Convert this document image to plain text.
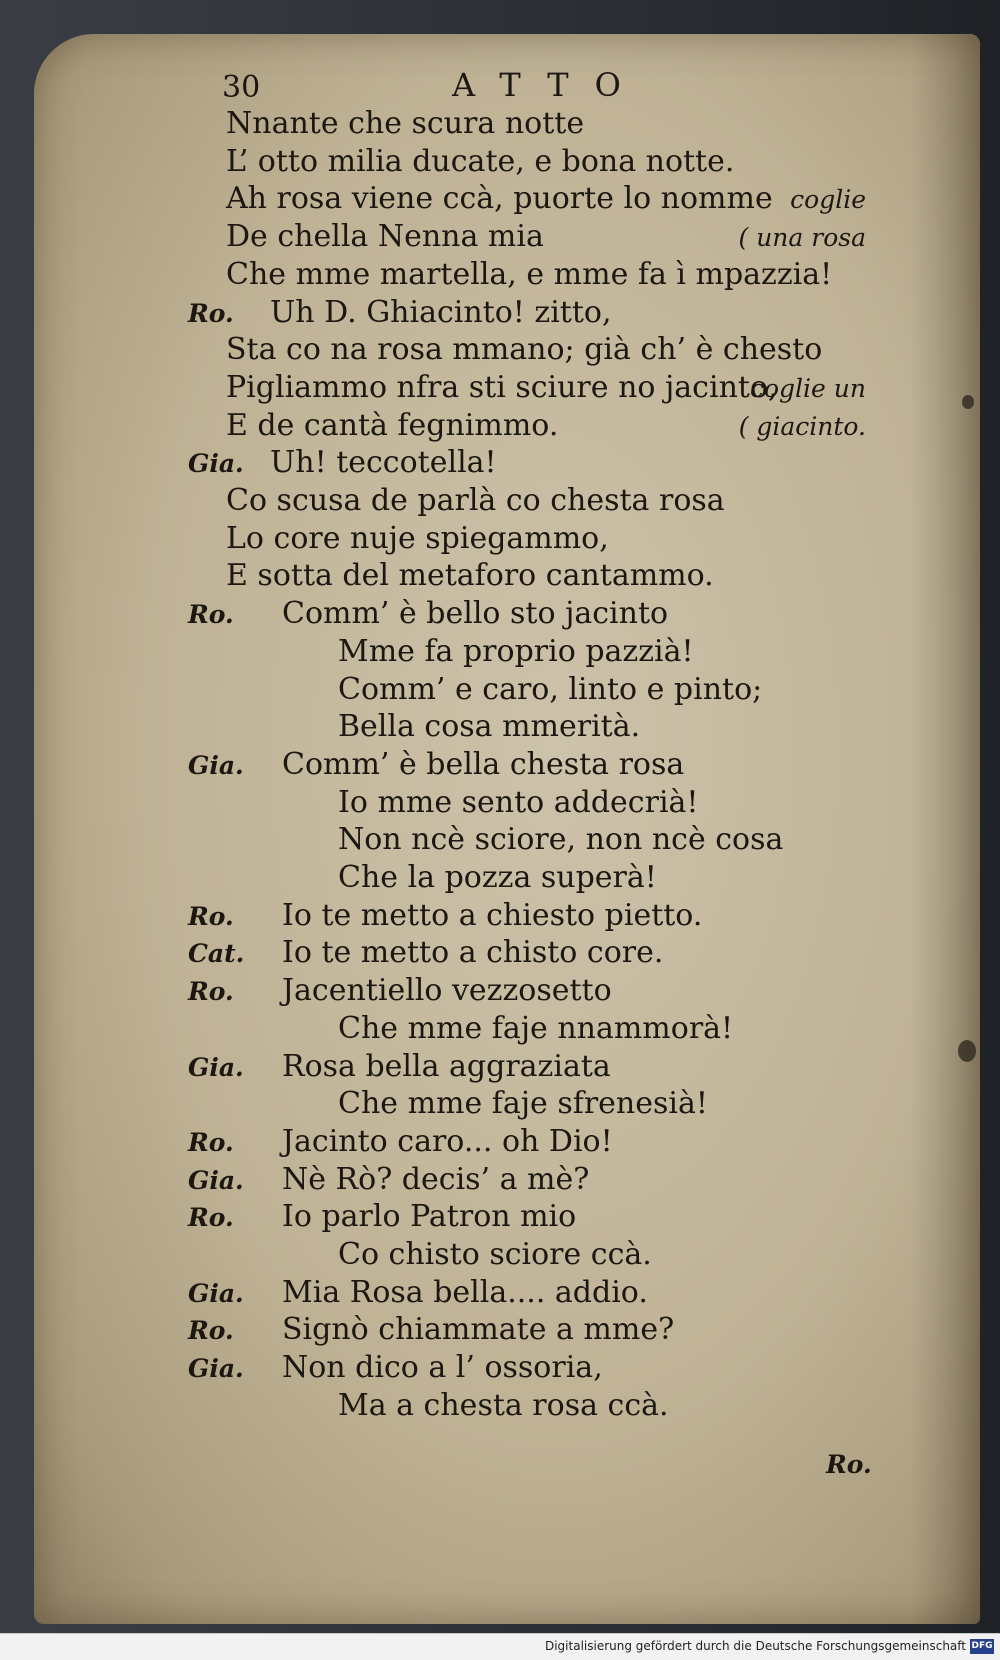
30	ATTO
Nnante che scura notte
L’ otto milia ducate, e bona notte.
Ah rosa viene ccà, puorte lo nomme coglie
De chella Nenna mia	( una rosa
Che mme martella, e mme fa ì mpazzia!
Ro. Uh D. Ghiacinto! zitto,
Sta co na rosa mmano; già ch’ è chesto
Pigliammo nfra sti sciure no jacinto,
coglie un
E de cantà fegnimmo.	( giacinto.
Gia. Uh! teccotella!
Co scusa de parlà co chesta rosa
Lo core nuje spiegammo,
E sotta del metaforo cantammo.
Ro. Comm’ è bello sto jacinto
Mme fa proprio pazzià!
Comm’ e caro, linto e pinto;
Bella cosa mmerità.
Gia. Comm’ è bella chesta rosa
Io mme sento addecrià!
Non ncè sciore, non ncè cosa
Che la pozza superà!
Ro. Io te metto a chiesto pietto.
Cat. Io te metto a chisto core.
Ro. Jacentiello vezzosetto
Che mme faje nnammorà!
Gia. Rosa bella aggraziata
Che mme faje sfrenesià!
Ro. Jacinto caro... oh Dio!
Gia. Nè Rò? decis’ a mè?
Ro. Io parlo Patron mio
Co chisto sciore ccà.
Gia. Mia Rosa bella.... addio.
Ro. Signò chiammate a mme?
Gia. Non dico a l’ ossoria,
Ma a chesta rosa ccà.
Ro.
Digitalisierung gefördert durch die Deutsche Forschungsgemeinschaft DFG
